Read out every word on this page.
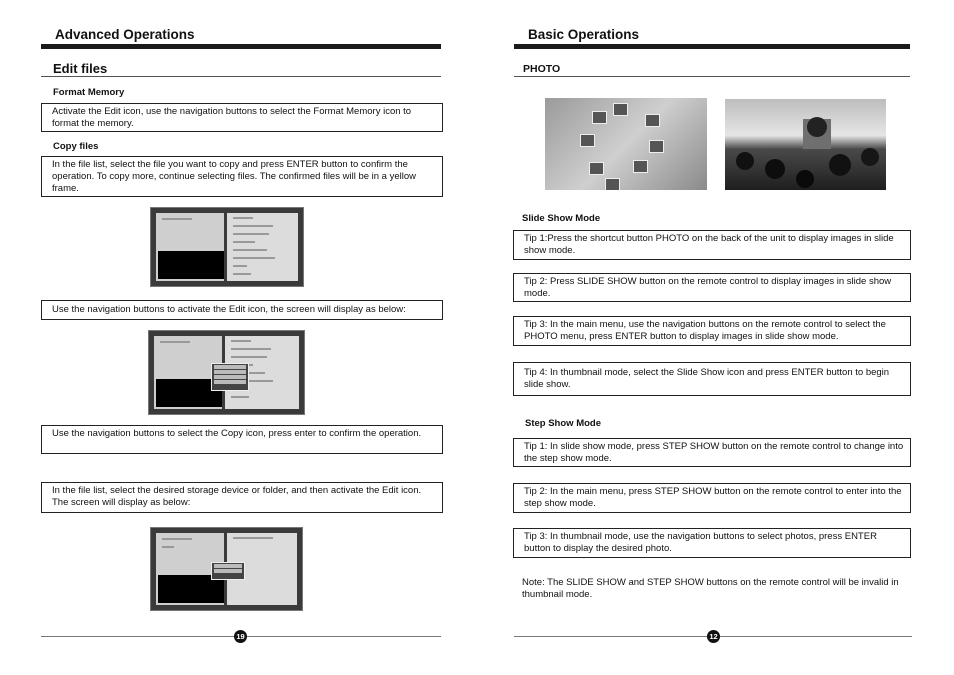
Advanced Operations
Edit files
Format Memory
Activate the Edit icon, use the navigation buttons to select the Format Memory icon to format the memory.
Copy files
In the file list, select the file you want to copy and press ENTER button to confirm the operation. To copy more, continue selecting files. The confirmed files will be in a yellow frame.
Use the navigation buttons to activate the Edit icon, the screen will display as below:
Use the navigation buttons to select the Copy icon, press enter to confirm the operation.
In the file list, select the desired storage device or folder, and then activate the Edit icon. The screen will display as below:
19
Basic Operations
PHOTO
Slide Show Mode
Tip 1:Press the shortcut button PHOTO on the back of the unit to display images in slide show mode.
Tip 2: Press SLIDE SHOW button on the remote control to display images in slide show mode.
Tip 3: In the main menu, use the navigation buttons on the remote control to select the PHOTO menu, press ENTER button to display images in slide show mode.
Tip 4: In thumbnail mode, select the Slide Show icon and press ENTER button to begin slide show.
Step Show Mode
Tip 1: In slide show mode, press STEP SHOW button on the remote control to change into the step show mode.
Tip 2: In the main menu, press STEP SHOW button on the remote control to enter into the step show mode.
Tip 3: In thumbnail mode, use the navigation buttons to select photos, press ENTER button to display the desired photo.
Note: The SLIDE SHOW and STEP SHOW buttons on the remote control will be invalid in thumbnail mode.
12
